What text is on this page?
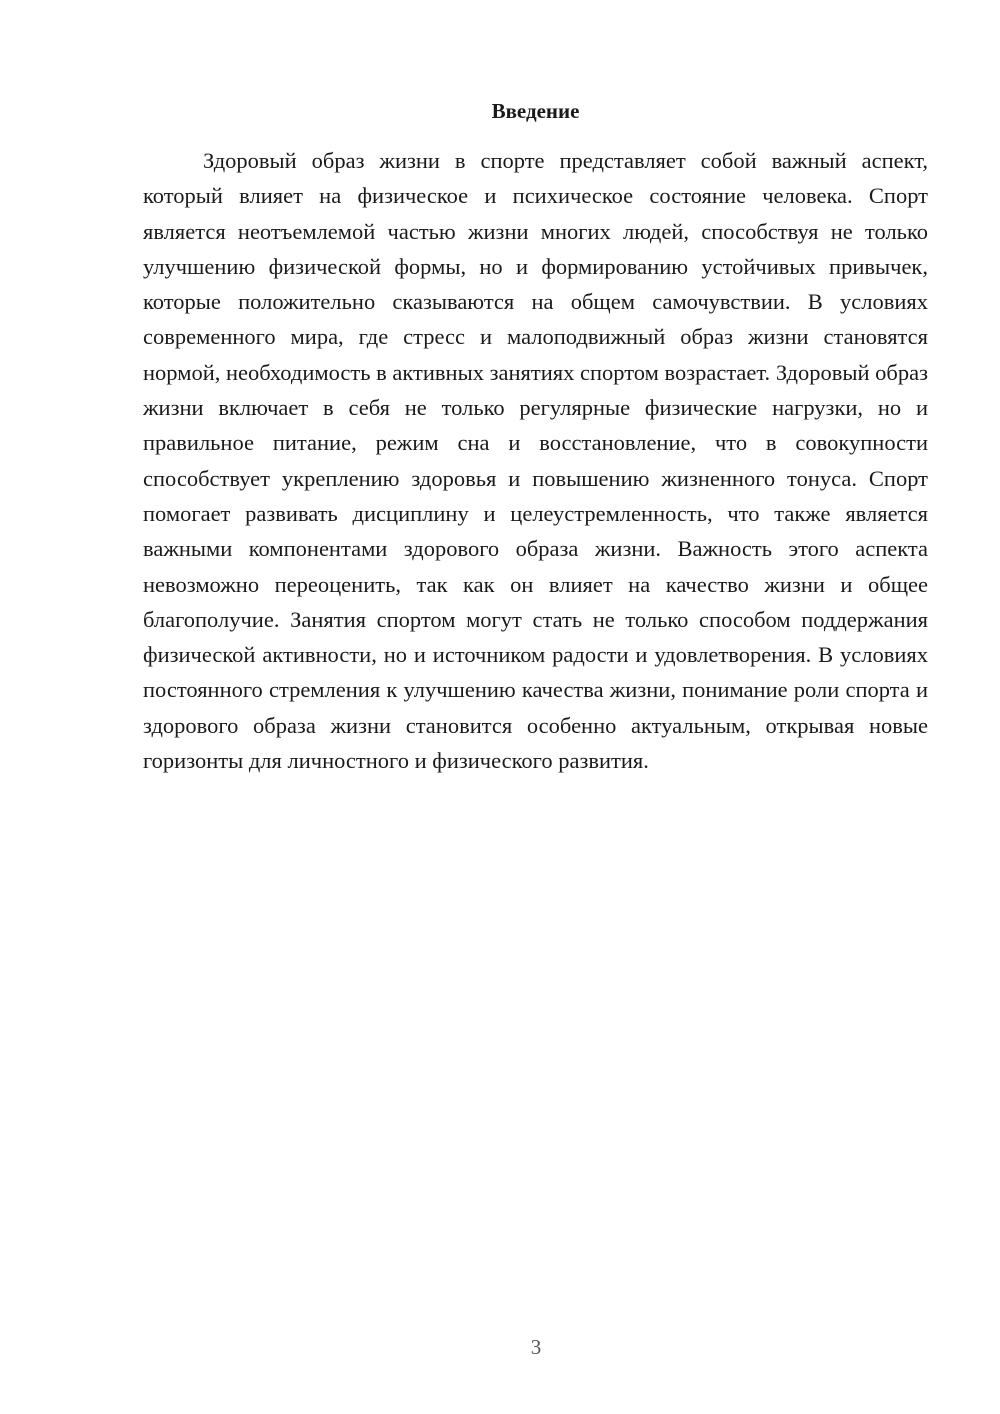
Введение

Здоровый образ жизни в спорте представляет собой важный аспект, который влияет на физическое и психическое состояние человека. Спорт является неотъемлемой частью жизни многих людей, способствуя не только улучшению физической формы, но и формированию устойчивых привычек, которые положительно сказываются на общем самочувствии. В условиях современного мира, где стресс и малоподвижный образ жизни становятся нормой, необходимость в активных занятиях спортом возрастает. Здоровый образ жизни включает в себя не только регулярные физические нагрузки, но и правильное питание, режим сна и восстановление, что в совокупности способствует укреплению здоровья и повышению жизненного тонуса. Спорт помогает развивать дисциплину и целеустремленность, что также является важными компонентами здорового образа жизни. Важность этого аспекта невозможно переоценить, так как он влияет на качество жизни и общее благополучие. Занятия спортом могут стать не только способом поддержания физической активности, но и источником радости и удовлетворения. В условиях постоянного стремления к улучшению качества жизни, понимание роли спорта и здорового образа жизни становится особенно актуальным, открывая новые горизонты для личностного и физического развития.

3
